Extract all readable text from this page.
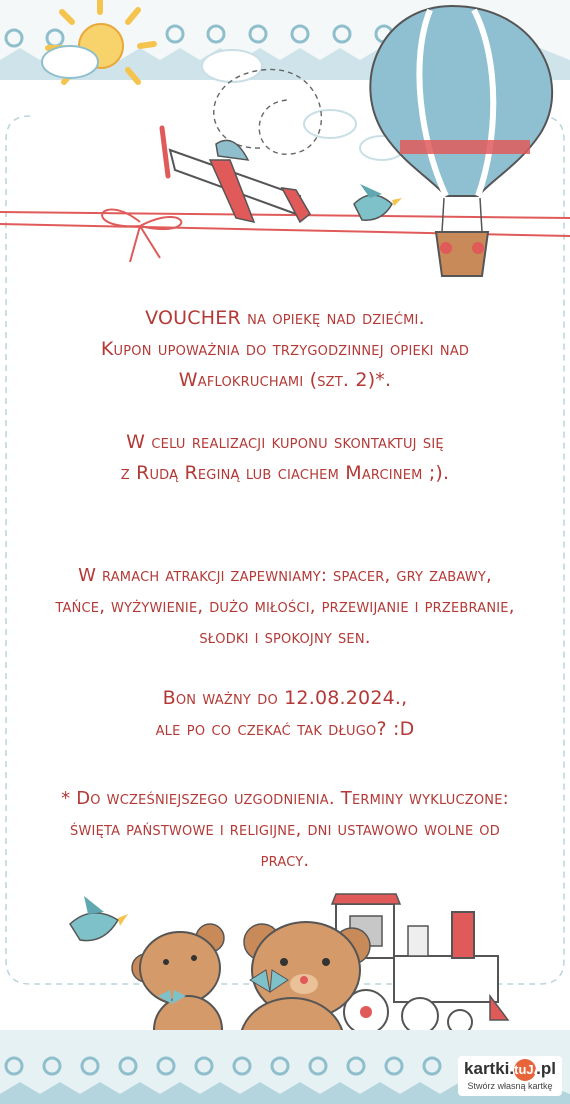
VOUCHER na opiekę nad dziećmi.

Kupon upoważnia do trzygodzinnej opieki nad

Waflokruchami (szt. 2)*.

W celu realizacji kuponu skontaktuj się

z Rudą Reginą lub ciachem Marcinem ;).

W ramach atrakcji zapewniamy: spacer, gry zabawy,

tańce, wyżywienie, dużo miłości, przewijanie i przebranie,

słodki i spokojny sen.

Bon ważny do 12.08.2024.,

ale po co czekać tak długo? :D

* Do wcześniejszego uzgodnienia. Terminy wykluczone:

święta państwowe i religijne, dni ustawowo wolne od

pracy.

kartki.tuJA.pl
Stwórz własną kartkę
